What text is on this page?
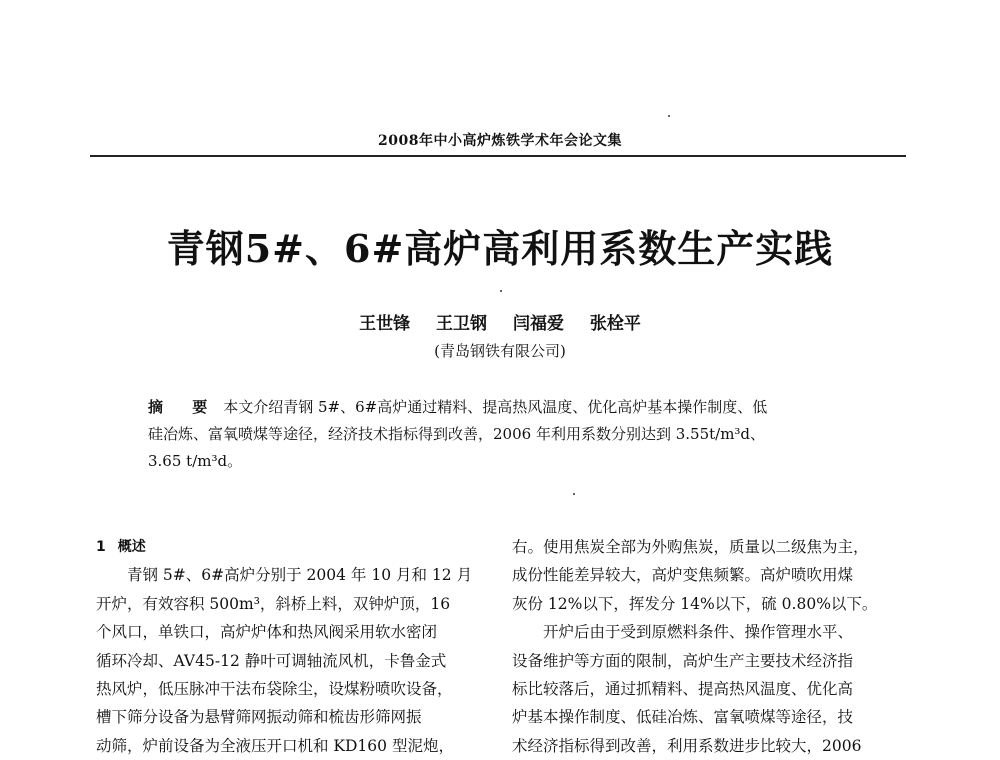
2008年中小高炉炼铁学术年会论文集
青钢5#、6#高炉高利用系数生产实践
王世锋 王卫钢 闫福爱 张栓平
(青岛钢铁有限公司)
摘 要 本文介绍青钢 5#、6#高炉通过精料、提高热风温度、优化高炉基本操作制度、低
硅冶炼、富氧喷煤等途径，经济技术指标得到改善，2006 年利用系数分别达到 3.55t/m³d、
3.65 t/m³d。
1 概述

青钢 5#、6#高炉分别于 2004 年 10 月和 12 月

开炉，有效容积 500m³，斜桥上料，双钟炉顶，16
个风口，单铁口，高炉炉体和热风阀采用软水密闭
循环冷却、AV45-12 静叶可调轴流风机，卡鲁金式
热风炉，低压脉冲干法布袋除尘，设煤粉喷吹设备，
槽下筛分设备为悬臂筛网振动筛和梳齿形筛网振
动筛，炉前设备为全液压开口机和 KD160 型泥炮，

右。使用焦炭全部为外购焦炭，质量以二级焦为主，
成份性能差异较大，高炉变焦频繁。高炉喷吹用煤
灰份 12%以下，挥发分 14%以下，硫 0.80%以下。

开炉后由于受到原燃料条件、操作管理水平、

设备维护等方面的限制，高炉生产主要技术经济指
标比较落后，通过抓精料、提高热风温度、优化高
炉基本操作制度、低硅冶炼、富氧喷煤等途径，技
术经济指标得到改善，利用系数进步比较大，2006
